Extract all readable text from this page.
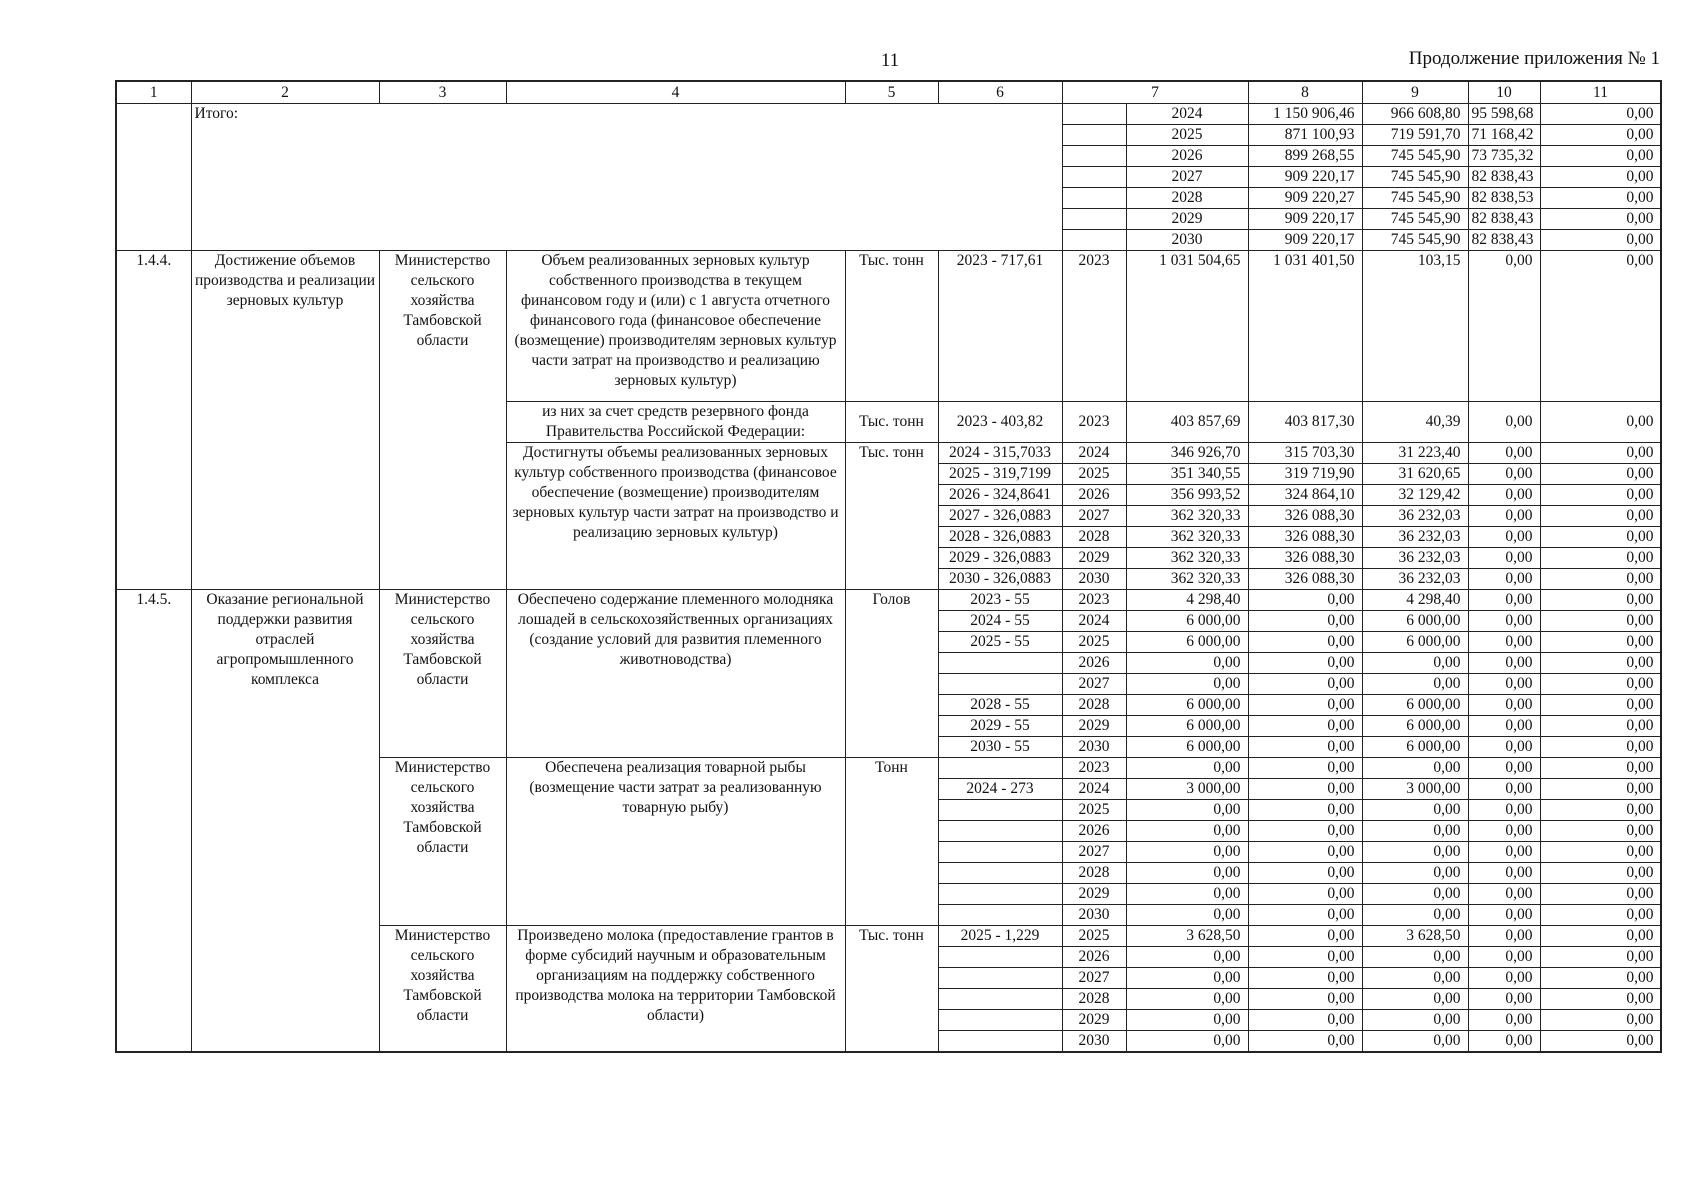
11	Продолжение приложения № 1
1	2	3	4	5	6	7		8	9	10	11	
	Итого:						2024	1 150 906,46	966 608,80	95 598,68	0,00	
							2025	871 100,93	719 591,70	71 168,42	0,00	
							2026	899 268,55	745 545,90	73 735,32	0,00	
							2027	909 220,17	745 545,90	82 838,43	0,00	
							2028	909 220,27	745 545,90	82 838,53	0,00	
							2029	909 220,17	745 545,90	82 838,43	0,00	
							2030	909 220,17	745 545,90	82 838,43	0,00	
1.4.4.	Достижение объемов производства и реализации зерновых культур	Министерство сельского хозяйства Тамбовской области	Объем реализованных зерновых культур собственного производства в текущем финансовом году и (или) с 1 августа отчетного финансового года (финансовое обеспечение (возмещение) производителям зерновых культур части затрат на производство и реализацию зерновых культур)	Тыс. тонн	2023 - 717,61	2023	1 031 504,65	1 031 401,50	103,15	0,00	0,00	
			из них за счет средств резервного фонда Правительства Российской Федерации:	Тыс. тонн	2023 - 403,82	2023	403 857,69	403 817,30	40,39	0,00	0,00	
			Достигнуты объемы реализованных зерновых культур собственного производства (финансовое обеспечение (возмещение) производителям зерновых культур части затрат на производство и реализацию зерновых культур)	Тыс. тонн	2024 - 315,7033	2024	346 926,70	315 703,30	31 223,40	0,00	0,00	
					2025 - 319,7199	2025	351 340,55	319 719,90	31 620,65	0,00	0,00	
					2026 - 324,8641	2026	356 993,52	324 864,10	32 129,42	0,00	0,00	
					2027 - 326,0883	2027	362 320,33	326 088,30	36 232,03	0,00	0,00	
					2028 - 326,0883	2028	362 320,33	326 088,30	36 232,03	0,00	0,00	
					2029 - 326,0883	2029	362 320,33	326 088,30	36 232,03	0,00	0,00	
					2030 - 326,0883	2030	362 320,33	326 088,30	36 232,03	0,00	0,00	
1.4.5.	Оказание региональной поддержки развития отраслей агропромышленного комплекса	Министерство сельского хозяйства Тамбовской области	Обеспечено содержание племенного молодняка лошадей в сельскохозяйственных организациях (создание условий для развития племенного животноводства)	Голов	2023 - 55	2023	4 298,40	0,00	4 298,40	0,00	0,00	
					2024 - 55	2024	6 000,00	0,00	6 000,00	0,00	0,00	
					2025 - 55	2025	6 000,00	0,00	6 000,00	0,00	0,00	
						2026	0,00	0,00	0,00	0,00	0,00	
						2027	0,00	0,00	0,00	0,00	0,00	
					2028 - 55	2028	6 000,00	0,00	6 000,00	0,00	0,00	
					2029 - 55	2029	6 000,00	0,00	6 000,00	0,00	0,00	
					2030 - 55	2030	6 000,00	0,00	6 000,00	0,00	0,00	
		Министерство сельского хозяйства Тамбовской области	Обеспечена реализация товарной рыбы (возмещение части затрат за реализованную товарную рыбу)	Тонн		2023	0,00	0,00	0,00	0,00	0,00	
					2024 - 273	2024	3 000,00	0,00	3 000,00	0,00	0,00	
						2025	0,00	0,00	0,00	0,00	0,00	
						2026	0,00	0,00	0,00	0,00	0,00	
						2027	0,00	0,00	0,00	0,00	0,00	
						2028	0,00	0,00	0,00	0,00	0,00	
						2029	0,00	0,00	0,00	0,00	0,00	
						2030	0,00	0,00	0,00	0,00	0,00	
		Министерство сельского хозяйства Тамбовской области	Произведено молока (предоставление грантов в форме субсидий научным и образовательным организациям на поддержку собственного производства молока на территории Тамбовской области)	Тыс. тонн	2025 - 1,229	2025	3 628,50	0,00	3 628,50	0,00	0,00	
						2026	0,00	0,00	0,00	0,00	0,00	
						2027	0,00	0,00	0,00	0,00	0,00	
						2028	0,00	0,00	0,00	0,00	0,00	
						2029	0,00	0,00	0,00	0,00	0,00	
						2030	0,00	0,00	0,00	0,00	0,00	
